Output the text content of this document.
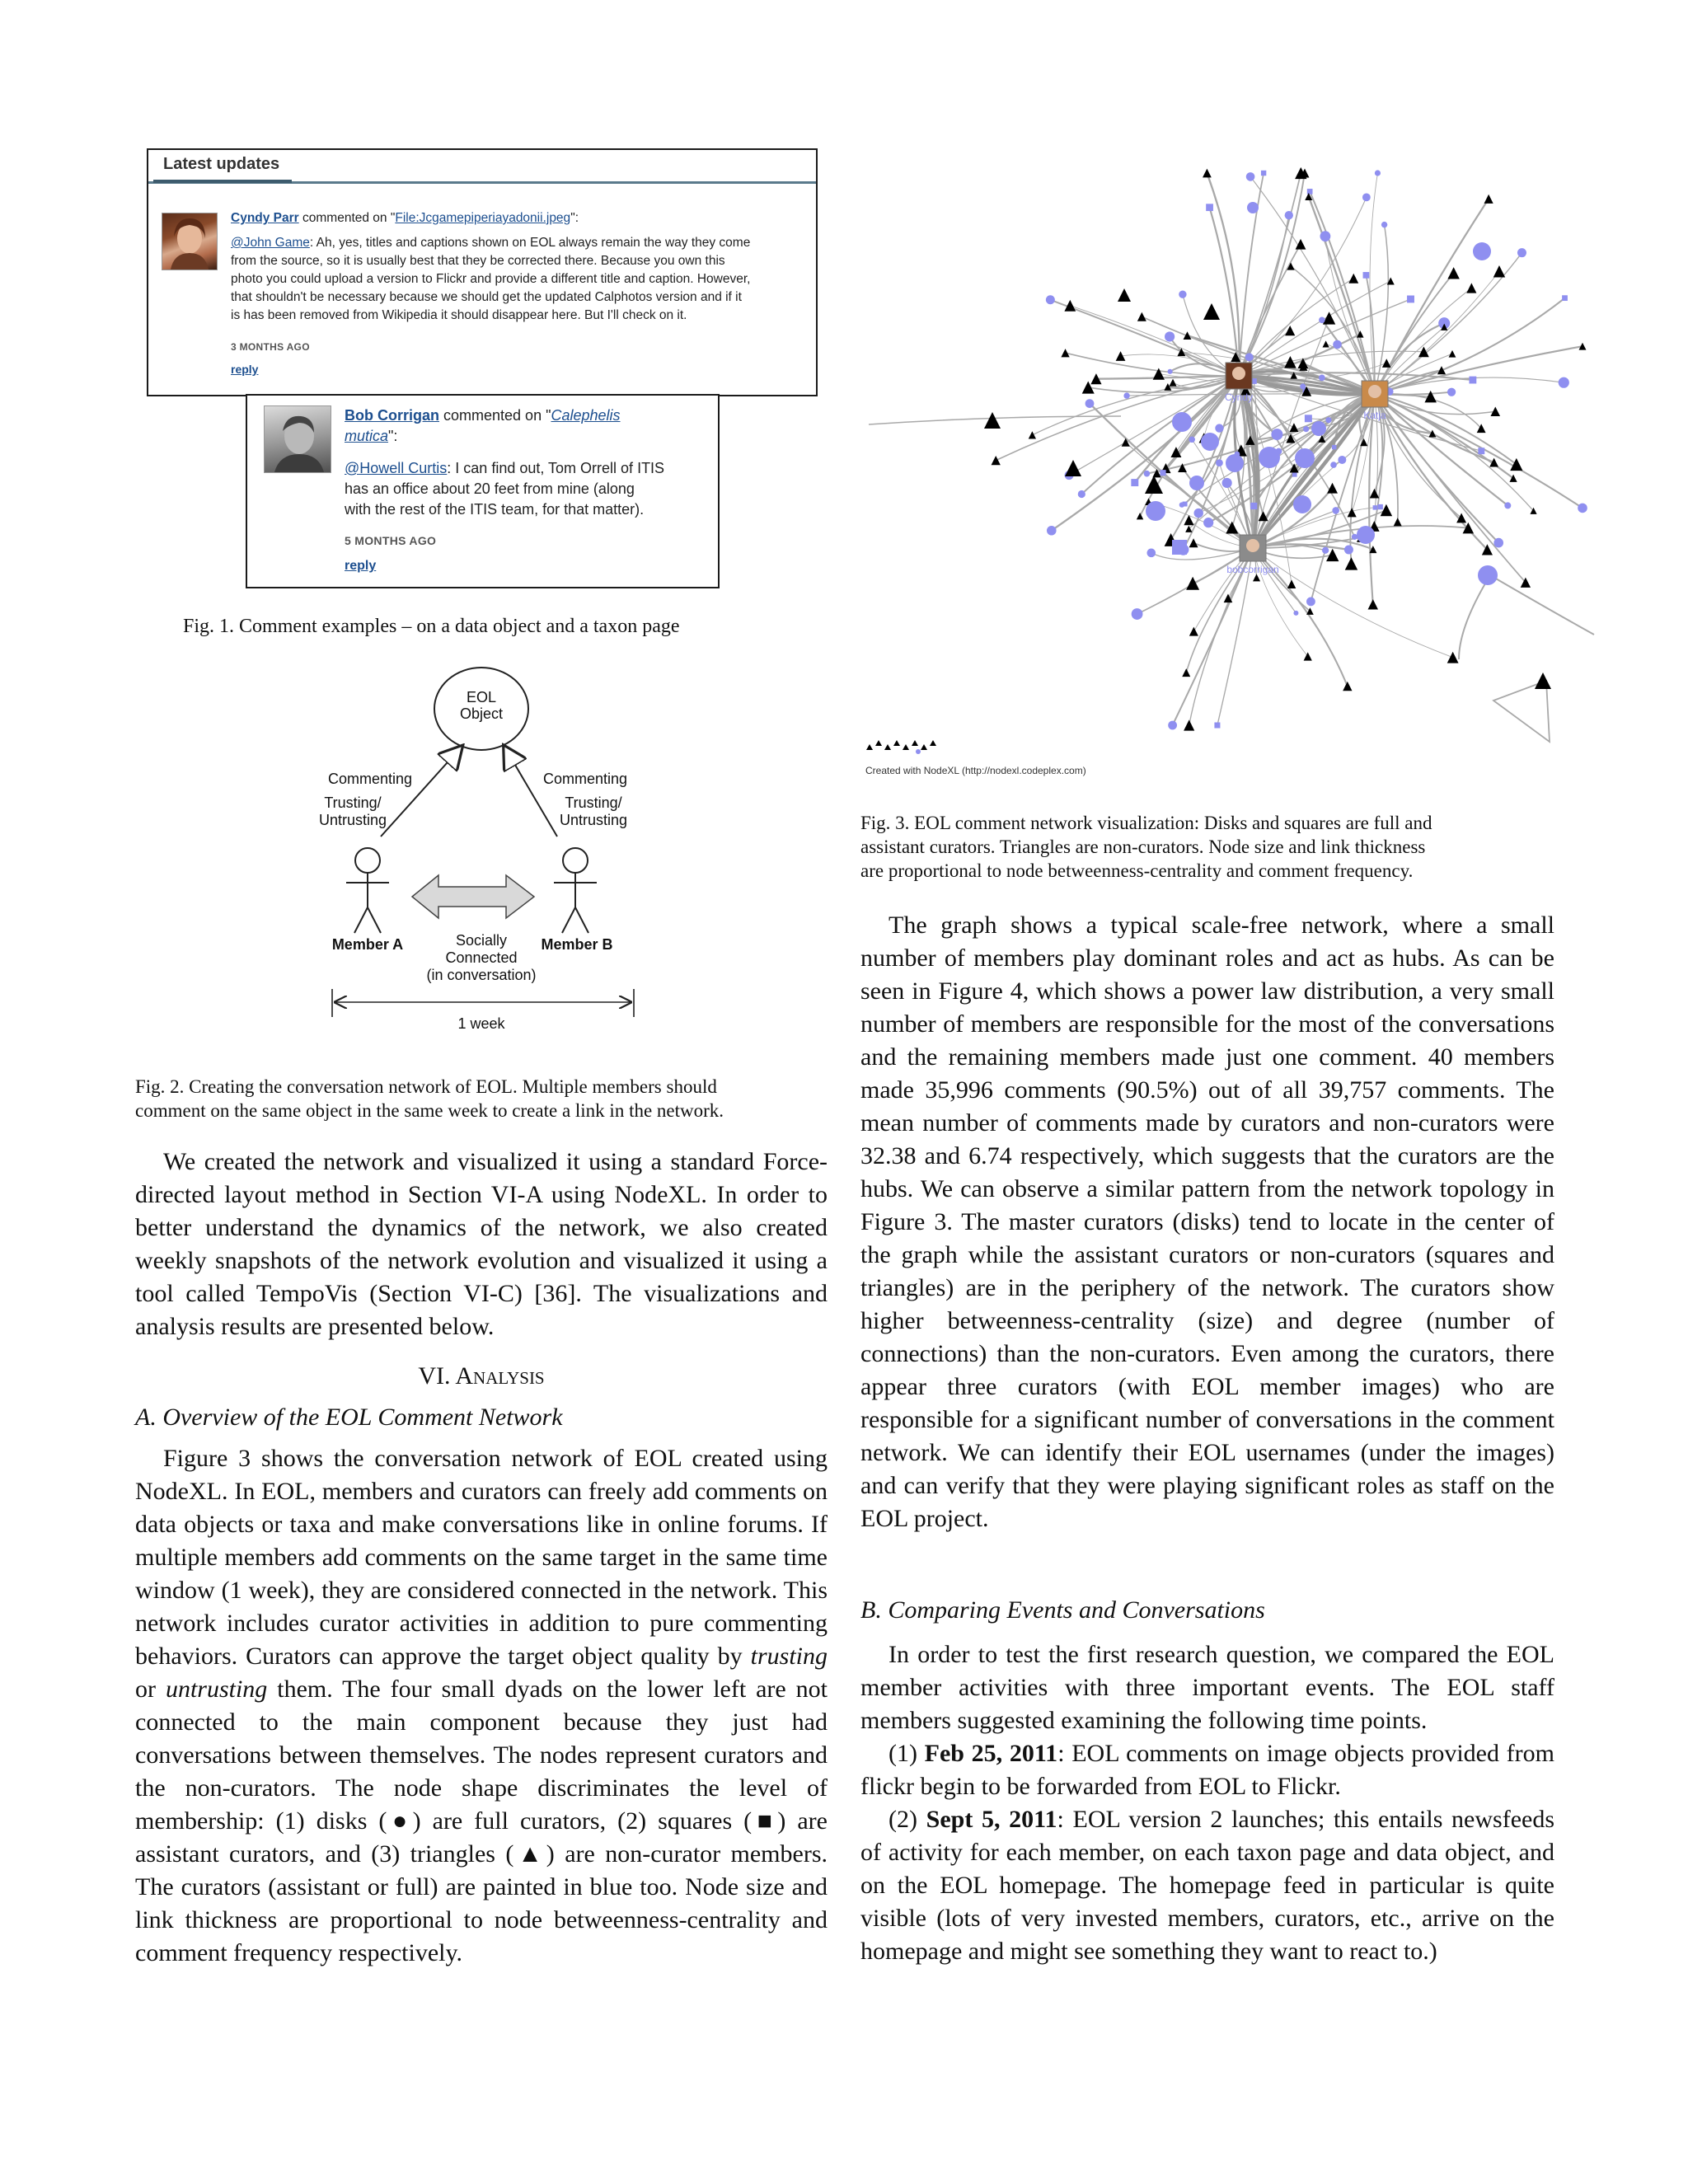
Latest updates
Cyndy Parr commented on "File:Jcgamepiperiayadonii.jpeg":
@John Game: Ah, yes, titles and captions shown on EOL always remain the way they come
from the source, so it is usually best that they be corrected there. Because you own this
photo you could upload a version to Flickr and provide a different title and caption. However,
that shouldn't be necessary because we should get the updated Calphotos version and if it
is has been removed from Wikipedia it should disappear here. But I'll check on it.
3 MONTHS AGO
reply
Bob Corrigan commented on "Calephelis
mutica":
@Howell Curtis: I can find out, Tom Orrell of ITIS
has an office about 20 feet from mine (along
with the rest of the ITIS team, for that matter).
5 MONTHS AGO
reply
Fig. 1. Comment examples – on a data object and a taxon page
EOL
Object
Commenting
Trusting/
Untrusting
Commenting
Trusting/
Untrusting
Member A	Member B
Socially
Connected
(in conversation)
1 week
Fig. 2. Creating the conversation network of EOL. Multiple members should
comment on the same object in the same week to create a link in the network.

We created the network and visualized it using a standard Force-directed layout method in Section VI-A using NodeXL. In order to better understand the dynamics of the network, we also created weekly snapshots of the network evolution and visualized it using a tool called TempoVis (Section VI-C) [36]. The visualizations and analysis results are presented below.

VI. Analysis
A. Overview of the EOL Comment Network

Figure 3 shows the conversation network of EOL created using NodeXL. In EOL, members and curators can freely add comments on data objects or taxa and make conversations like in online forums. If multiple members add comments on the same target in the same time window (1 week), they are considered connected in the network. This network includes curator activities in addition to pure commenting behaviors. Curators can approve the target object quality by trusting or untrusting them. The four small dyads on the lower left are not connected to the main component because they just had conversations between themselves. The nodes represent curators and the non-curators. The node shape discriminates the level of membership: (1) disks (●) are full curators, (2) squares (■) are assistant curators, and (3) triangles (▲) are non-curator members. The curators (assistant or full) are painted in blue too. Node size and link thickness are proportional to node betweenness-centrality and comment frequency respectively.

Cyndy
Katja
bobcorrigan
Created with NodeXL (http://nodexl.codeplex.com)
Fig. 3. EOL comment network visualization: Disks and squares are full and
assistant curators. Triangles are non-curators. Node size and link thickness
are proportional to node betweenness-centrality and comment frequency.

The graph shows a typical scale-free network, where a small number of members play dominant roles and act as hubs. As can be seen in Figure 4, which shows a power law distribution, a very small number of members are responsible for the most of the conversations and the remaining members made just one comment. 40 members made 35,996 comments (90.5%) out of all 39,757 comments. The mean number of comments made by curators and non-curators were 32.38 and 6.74 respectively, which suggests that the curators are the hubs. We can observe a similar pattern from the network topology in Figure 3. The master curators (disks) tend to locate in the center of the graph while the assistant curators or non-curators (squares and triangles) are in the periphery of the network. The curators show higher betweenness-centrality (size) and degree (number of connections) than the non-curators. Even among the curators, there appear three curators (with EOL member images) who are responsible for a significant number of conversations in the comment network. We can identify their EOL usernames (under the images) and can verify that they were playing significant roles as staff on the EOL project.

B. Comparing Events and Conversations

In order to test the first research question, we compared the EOL member activities with three important events. The EOL staff members suggested examining the following time points.

(1) Feb 25, 2011: EOL comments on image objects provided from flickr begin to be forwarded from EOL to Flickr.

(2) Sept 5, 2011: EOL version 2 launches; this entails newsfeeds of activity for each member, on each taxon page and data object, and on the EOL homepage. The homepage feed in particular is quite visible (lots of very invested members, curators, etc., arrive on the homepage and might see something they want to react to.)
